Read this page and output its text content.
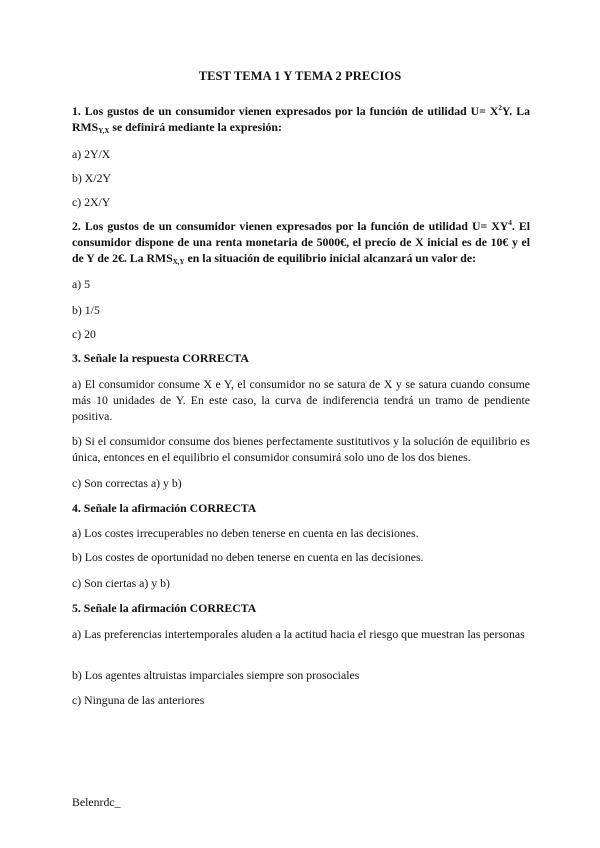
TEST TEMA 1 Y TEMA 2 PRECIOS
1. Los gustos de un consumidor vienen expresados por la función de utilidad $U= X^2Y$. La $RMS_{Y,X}$ se definirá mediante la expresión:
a) 2Y/X
b) X/2Y
c) 2X/Y
2. Los gustos de un consumidor vienen expresados por la función de utilidad $U= XY^4$. El consumidor dispone de una renta monetaria de 5000€, el precio de X inicial es de 10€ y el de Y de 2€. La $RMS_{X,Y}$ en la situación de equilibrio inicial alcanzará un valor de:
a) 5
b) 1/5
c) 20
3. Señale la respuesta CORRECTA
a) El consumidor consume X e Y, el consumidor no se satura de X y se satura cuando consume más 10 unidades de Y. En este caso, la curva de indiferencia tendrá un tramo de pendiente positiva.
b) Si el consumidor consume dos bienes perfectamente sustitutivos y la solución de equilibrio es única, entonces en el equilibrio el consumidor consumirá solo uno de los dos bienes.
c) Son correctas a) y b)
4. Señale la afirmación CORRECTA
a) Los costes irrecuperables no deben tenerse en cuenta en las decisiones.
b) Los costes de oportunidad no deben tenerse en cuenta en las decisiones.
c) Son ciertas a) y b)
5. Señale la afirmación CORRECTA
a) Las preferencias intertemporales aluden a la actitud hacia el riesgo que muestran las personas
b) Los agentes altruistas imparciales siempre son prosociales
c) Ninguna de las anteriores
Belenrdc_
